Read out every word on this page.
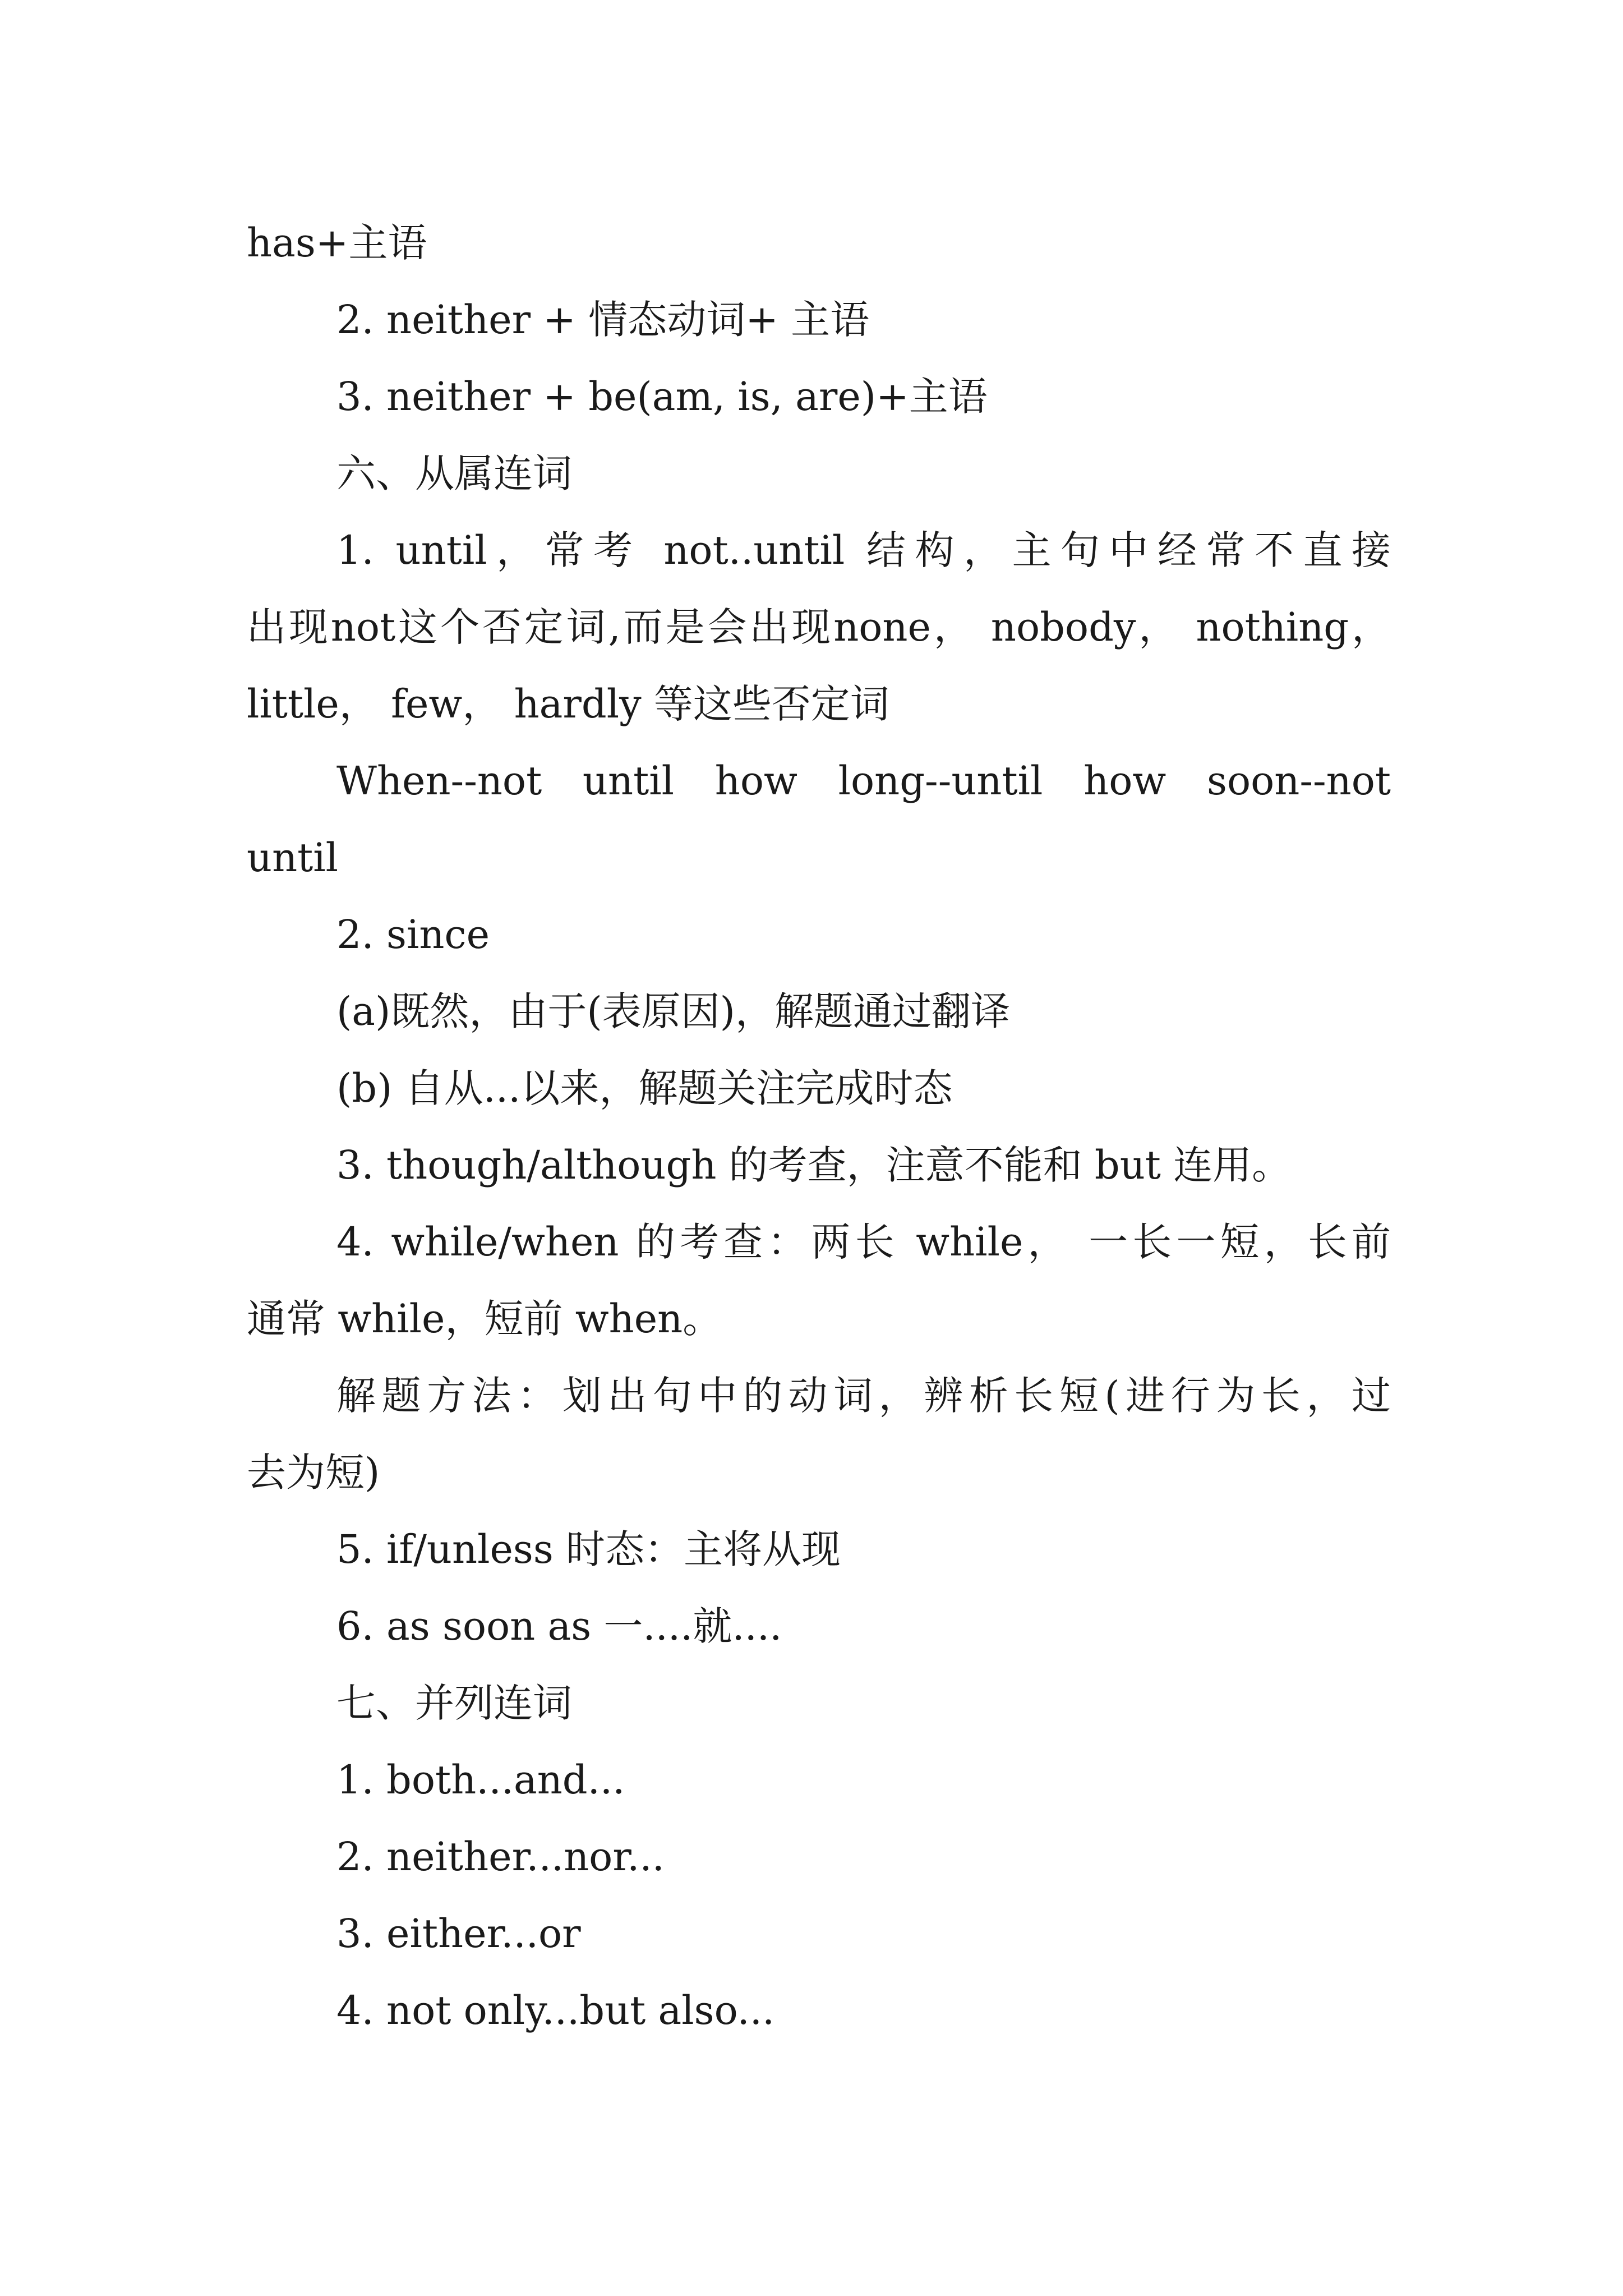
has+主语
2. neither + 情态动词+ 主语
3. neither + be(am, is, are)+主语
六、从属连词
1. until，常考 not..until 结构，主句中经常不直接
出现not这个否定词,而是会出现none， nobody， nothing，
little， few， hardly 等这些否定词
When--not until how long--until how soon--not
until
2. since
(a)既然，由于(表原因)，解题通过翻译
(b) 自从...以来，解题关注完成时态
3. though/although 的考查，注意不能和 but 连用。
4. while/when 的考查：两长 while， 一长一短，长前
通常 while，短前 when。
解题方法：划出句中的动词，辨析长短(进行为长，过
去为短)
5. if/unless 时态：主将从现
6. as soon as 一....就....
七、并列连词
1. both...and...
2. neither...nor...
3. either...or
4. not only...but also...
